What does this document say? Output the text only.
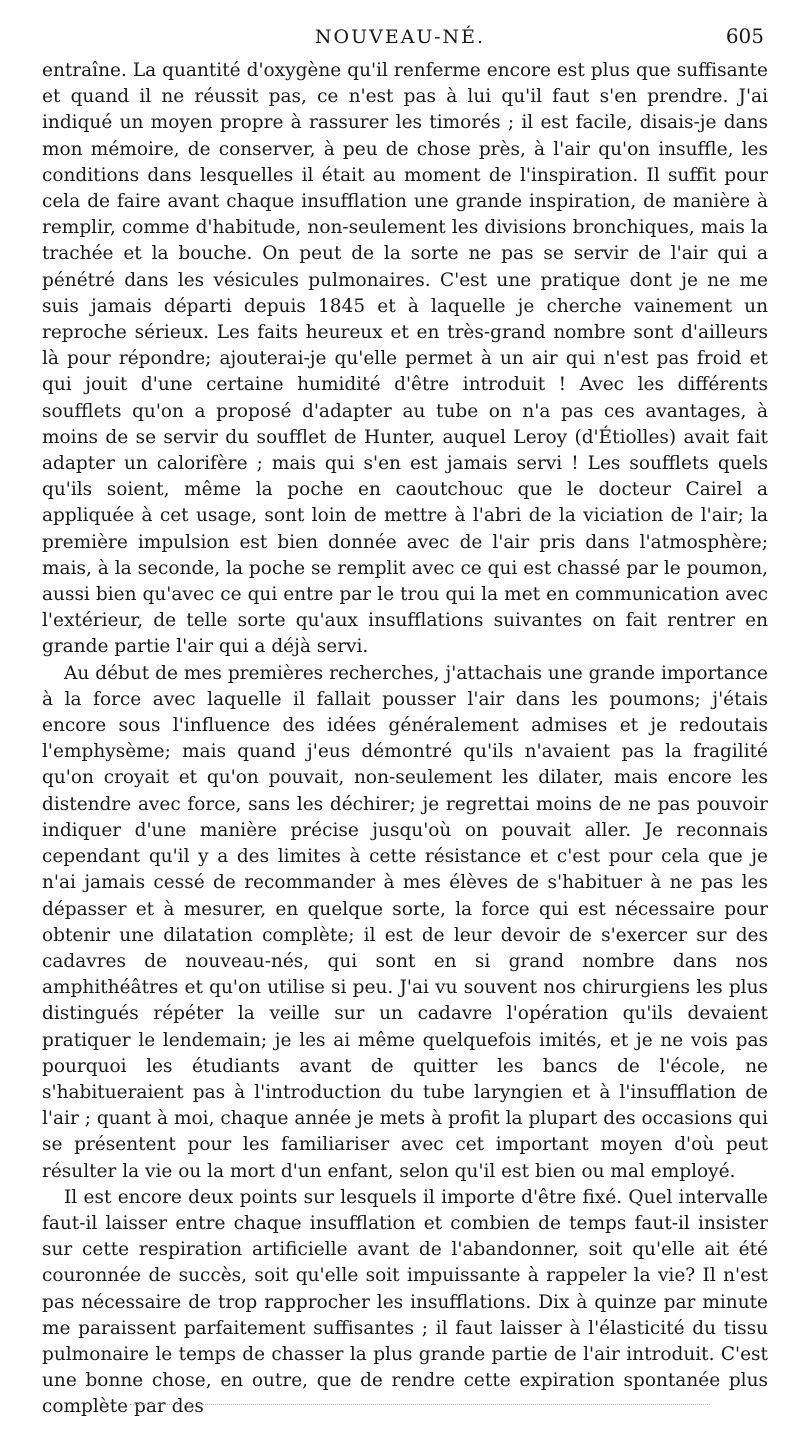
NOUVEAU-NÉ.	605

entraîne. La quantité d'oxygène qu'il renferme encore est plus que suffisante et quand il ne réussit pas, ce n'est pas à lui qu'il faut s'en prendre. J'ai indiqué un moyen propre à rassurer les timorés ; il est facile, disais-je dans mon mémoire, de conserver, à peu de chose près, à l'air qu'on insuffle, les conditions dans lesquelles il était au moment de l'inspiration. Il suffit pour cela de faire avant chaque insufflation une grande inspiration, de manière à remplir, comme d'habitude, non-seulement les divisions bronchiques, mais la trachée et la bouche. On peut de la sorte ne pas se servir de l'air qui a pénétré dans les vésicules pulmonaires. C'est une pratique dont je ne me suis jamais départi depuis 1845 et à laquelle je cherche vainement un reproche sérieux. Les faits heureux et en très-grand nombre sont d'ailleurs là pour répondre; ajouterai-je qu'elle permet à un air qui n'est pas froid et qui jouit d'une certaine humidité d'être introduit ! Avec les différents soufflets qu'on a proposé d'adapter au tube on n'a pas ces avantages, à moins de se servir du soufflet de Hunter, auquel Leroy (d'Étiolles) avait fait adapter un calorifère ; mais qui s'en est jamais servi ! Les soufflets quels qu'ils soient, même la poche en caoutchouc que le docteur Cairel a appliquée à cet usage, sont loin de mettre à l'abri de la viciation de l'air; la première impulsion est bien donnée avec de l'air pris dans l'atmosphère; mais, à la seconde, la poche se remplit avec ce qui est chassé par le poumon, aussi bien qu'avec ce qui entre par le trou qui la met en communication avec l'extérieur, de telle sorte qu'aux insufflations suivantes on fait rentrer en grande partie l'air qui a déjà servi.

Au début de mes premières recherches, j'attachais une grande importance à la force avec laquelle il fallait pousser l'air dans les poumons; j'étais encore sous l'influence des idées généralement admises et je redoutais l'emphysème; mais quand j'eus démontré qu'ils n'avaient pas la fragilité qu'on croyait et qu'on pouvait, non-seulement les dilater, mais encore les distendre avec force, sans les déchirer; je regrettai moins de ne pas pouvoir indiquer d'une manière précise jusqu'où on pouvait aller. Je reconnais cependant qu'il y a des limites à cette résistance et c'est pour cela que je n'ai jamais cessé de recommander à mes élèves de s'habituer à ne pas les dépasser et à mesurer, en quelque sorte, la force qui est nécessaire pour obtenir une dilatation complète; il est de leur devoir de s'exercer sur des cadavres de nouveau-nés, qui sont en si grand nombre dans nos amphithéâtres et qu'on utilise si peu. J'ai vu souvent nos chirurgiens les plus distingués répéter la veille sur un cadavre l'opération qu'ils devaient pratiquer le lendemain; je les ai même quelquefois imités, et je ne vois pas pourquoi les étudiants avant de quitter les bancs de l'école, ne s'habitueraient pas à l'introduction du tube laryngien et à l'insufflation de l'air ; quant à moi, chaque année je mets à profit la plupart des occasions qui se présentent pour les familiariser avec cet important moyen d'où peut résulter la vie ou la mort d'un enfant, selon qu'il est bien ou mal employé.

Il est encore deux points sur lesquels il importe d'être fixé. Quel intervalle faut-il laisser entre chaque insufflation et combien de temps faut-il insister sur cette respiration artificielle avant de l'abandonner, soit qu'elle ait été couronnée de succès, soit qu'elle soit impuissante à rappeler la vie? Il n'est pas nécessaire de trop rapprocher les insufflations. Dix à quinze par minute me paraissent parfaitement suffisantes ; il faut laisser à l'élasticité du tissu pulmonaire le temps de chasser la plus grande partie de l'air introduit. C'est une bonne chose, en outre, que de rendre cette expiration spontanée plus complète par des
